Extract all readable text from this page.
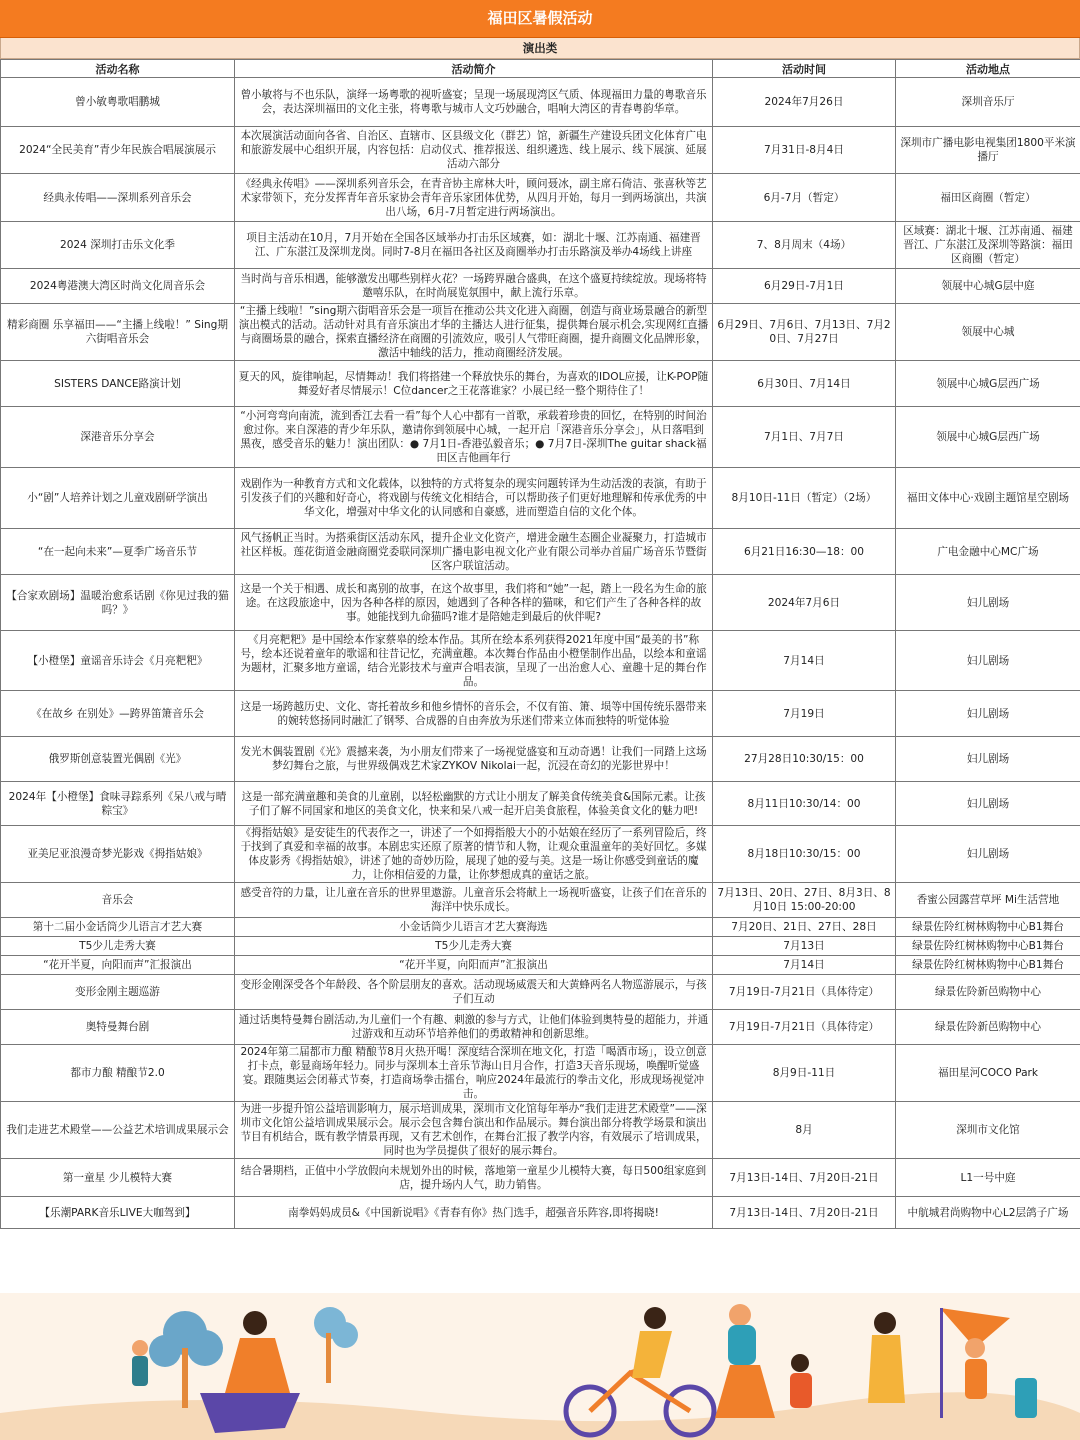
福田区暑假活动
演出类
活动名称	活动简介	活动时间	活动地点
曾小敏粤歌唱鹏城	曾小敏将与不也乐队，演绎一场粤歌的视听盛宴；呈现一场展现湾区气质、体现福田力量的粤歌音乐会，表达深圳福田的文化主张，将粤歌与城市人文巧妙融合，唱响大湾区的青春粤韵华章。	2024年7月26日	深圳音乐厅
2024“全民美育”青少年民族合唱展演展示	本次展演活动面向各省、自治区、直辖市、区县级文化（群艺）馆，新疆生产建设兵团文化体育广电和旅游发展中心组织开展，内容包括：启动仪式、推荐报送、组织遴选、线上展示、线下展演、延展活动六部分	7月31日-8月4日	深圳市广播电影电视集团1800平米演播厅
经典永传唱——深圳系列音乐会	《经典永传唱》——深圳系列音乐会，在青音协主席林大叶，顾问聂冰，副主席石倚洁、张喜秋等艺术家带领下，充分发挥青年音乐家协会青年音乐家团体优势，从四月开始，每月一到两场演出，共演出八场，6月-7月暂定进行两场演出。	6月-7月（暂定）	福田区商圈（暂定）
2024 深圳打击乐文化季	项目主活动在10月，7月开始在全国各区域举办打击乐区域赛，如：湖北十堰、江苏南通、福建晋江、广东湛江及深圳龙岗。同时7-8月在福田各社区及商圈举办打击乐路演及举办4场线上讲座	7、8月周末（4场）	区域赛：湖北十堰、江苏南通、福建晋江、广东湛江及深圳等路演：福田区商圈（暂定）
2024粤港澳大湾区时尚文化周音乐会	当时尚与音乐相遇，能够激发出哪些别样火花？一场跨界融合盛典，在这个盛夏持续绽放。现场将特邀嘻乐队，在时尚展览氛围中，献上流行乐章。	6月29日-7月1日	领展中心城G层中庭
精彩商圈 乐享福田——“主播上线啦！” Sing期六街唱音乐会	“主播上线啦！”sing期六街唱音乐会是一项旨在推动公共文化进入商圈，创造与商业场景融合的新型演出模式的活动。活动针对具有音乐演出才华的主播达人进行征集，提供舞台展示机会,实现网红直播与商圈场景的融合，探索直播经济在商圈的引流效应，吸引人气带旺商圈，提升商圈文化品牌形象，激活中轴线的活力，推动商圈经济发展。	6月29日、7月6日、7月13日、7月20日、7月27日	领展中心城
SISTERS DANCE路演计划	夏天的风，旋律响起，尽情舞动！我们将搭建一个释放快乐的舞台，为喜欢的IDOL应援，让K-POP随舞爱好者尽情展示！C位dancer之王花落谁家？小展已经一整个期待住了！	6月30日、7月14日	领展中心城G层西广场
深港音乐分享会	“小河弯弯向南流，流到香江去看一看”每个人心中都有一首歌，承载着珍贵的回忆，在特别的时间治愈过你。来自深港的青少年乐队，邀请你到领展中心城，一起开启「深港音乐分享会」，从日落唱到黑夜，感受音乐的魅力！演出团队：● 7月1日-香港弘毅音乐；● 7月7日-深圳The guitar shack福田区吉他画年行	7月1日、7月7日	领展中心城G层西广场
小“剧”人培养计划之儿童戏剧研学演出	戏剧作为一种教育方式和文化载体，以独特的方式将复杂的现实问题转译为生动活泼的表演，有助于引发孩子们的兴趣和好奇心，将戏剧与传统文化相结合，可以帮助孩子们更好地理解和传承优秀的中华文化，增强对中华文化的认同感和自豪感，进而塑造自信的文化个体。	8月10日-11日（暂定）（2场）	福田文体中心·戏剧主题馆星空剧场
“在一起向未来”—夏季广场音乐节	风气扬帆正当时。为搭乘街区活动东风，提升企业文化资产，增进金融生态圈企业凝聚力，打造城市社区样板。莲花街道金融商圈党委联同深圳广播电影电视文化产业有限公司举办首届广场音乐节暨街区客户联谊活动。	6月21日16:30—18：00	广电金融中心MC广场
【合家欢剧场】温暖治愈系话剧《你见过我的猫吗？》	这是一个关于相遇、成长和离别的故事，在这个故事里，我们将和“她”一起，踏上一段名为生命的旅途。在这段旅途中，因为各种各样的原因，她遇到了各种各样的猫咪，和它们产生了各种各样的故事。她能找到九命猫吗?谁才是陪她走到最后的伙伴呢?	2024年7月6日	妇儿剧场
【小橙堡】童谣音乐诗会《月亮粑粑》	《月亮粑粑》是中国绘本作家蔡皋的绘本作品。其所在绘本系列获得2021年度中国“最美的书”称号，绘本还说着童年的歌谣和往昔记忆，充满童趣。本次舞台作品由小橙堡制作出品，以绘本和童谣为题材，汇聚多地方童谣，结合光影技术与童声合唱表演，呈现了一出治愈人心、童趣十足的舞台作品。	7月14日	妇儿剧场
《在故乡 在别处》—跨界笛箫音乐会	这是一场跨越历史、文化、寄托着故乡和他乡情怀的音乐会，不仅有笛、箫、埙等中国传统乐器带来的婉转悠扬同时融汇了钢琴、合成器的自由奔放为乐迷们带来立体而独特的听觉体验	7月19日	妇儿剧场
俄罗斯创意装置光偶剧《光》	发光木偶装置剧《光》震撼来袭，为小朋友们带来了一场视觉盛宴和互动奇遇！让我们一同踏上这场梦幻舞台之旅，与世界级偶戏艺术家ZYKOV Nikolai一起，沉浸在奇幻的光影世界中！	27月28日10:30/15：00	妇儿剧场
2024年【小橙堡】食味寻踪系列《呆八戒与晴粽宝》	这是一部充满童趣和美食的儿童剧，以轻松幽默的方式让小朋友了解美食传统美食&国际元素。让孩子们了解不同国家和地区的美食文化，快来和呆八戒一起开启美食旅程，体验美食文化的魅力吧!	8月11日10:30/14：00	妇儿剧场
亚美尼亚浪漫奇梦光影戏《拇指姑娘》	《拇指姑娘》是安徒生的代表作之一，讲述了一个如拇指般大小的小姑娘在经历了一系列冒险后，终于找到了真爱和幸福的故事。本剧忠实还原了原著的情节和人物，让观众重温童年的美好回忆。多媒体皮影秀《拇指姑娘》，讲述了她的奇妙历险，展现了她的爱与美。这是一场让你感受到童话的魔力，让你相信爱的力量，让你梦想成真的童话之旅。	8月18日10:30/15：00	妇儿剧场
音乐会	感受音符的力量，让儿童在音乐的世界里遨游。儿童音乐会将献上一场视听盛宴，让孩子们在音乐的海洋中快乐成长。	7月13日、20日、27日、8月3日、8月10日 15:00-20:00	香蜜公园露营草坪 Mi生活营地
第十二届小金话筒少儿语言才艺大赛	小金话筒少儿语言才艺大赛海选	7月20日、21日、27日、28日	绿景佐阾红树林购物中心B1舞台
T5少儿走秀大赛	T5少儿走秀大赛	7月13日	绿景佐阾红树林购物中心B1舞台
“花开半夏，向阳而声”汇报演出	“花开半夏，向阳而声”汇报演出	7月14日	绿景佐阾红树林购物中心B1舞台
变形金刚主题巡游	变形金刚深受各个年龄段、各个阶层朋友的喜欢。活动现场威震天和大黄蜂两名人物巡游展示，与孩子们互动	7月19日-7月21日（具体待定）	绿景佐阾新邑购物中心
奥特曼舞台剧	通过话奥特曼舞台剧活动,为儿童们一个有趣、刺激的参与方式，让他们体验到奥特曼的超能力，并通过游戏和互动环节培养他们的勇敢精神和创新思维。	7月19日-7月21日（具体待定）	绿景佐阾新邑购物中心
都市力酿 精酿节2.0	2024年第二届都市力酿 精酿节8月火热开喝！深度结合深圳在地文化，打造「喝酒市场」，设立创意打卡点，彰显商场年轻力。同步与深圳本土音乐节海山日月合作，打造3天音乐现场，唤醒听觉盛宴。跟随奥运会闭幕式节奏，打造商场拳击擂台，响应2024年最流行的拳击文化，形成现场视觉冲击。	8月9日-11日	福田星河COCO Park
我们走进艺术殿堂——公益艺术培训成果展示会	为进一步提升馆公益培训影响力，展示培训成果，深圳市文化馆每年举办“我们走进艺术殿堂”——深圳市文化馆公益培训成果展示会。展示会包含舞台演出和作品展示。舞台演出部分将教学场景和演出节目有机结合，既有教学情景再现，又有艺术创作，在舞台汇报了教学内容，有效展示了培训成果，同时也为学员提供了很好的展示舞台。	8月	深圳市文化馆
第一童星 少儿模特大赛	结合暑期档，正值中小学放假向未规划外出的时候，落地第一童星少儿模特大赛，每日500组家庭到店，提升场内人气，助力销售。	7月13日-14日、7月20日-21日	L1一号中庭
【乐潮PARK音乐LIVE大咖驾到】	南拳妈妈成员&《中国新说唱》《青春有你》热门选手，超强音乐阵容,即将揭晓!	7月13日-14日、7月20日-21日	中航城君尚购物中心L2层鸽子广场
